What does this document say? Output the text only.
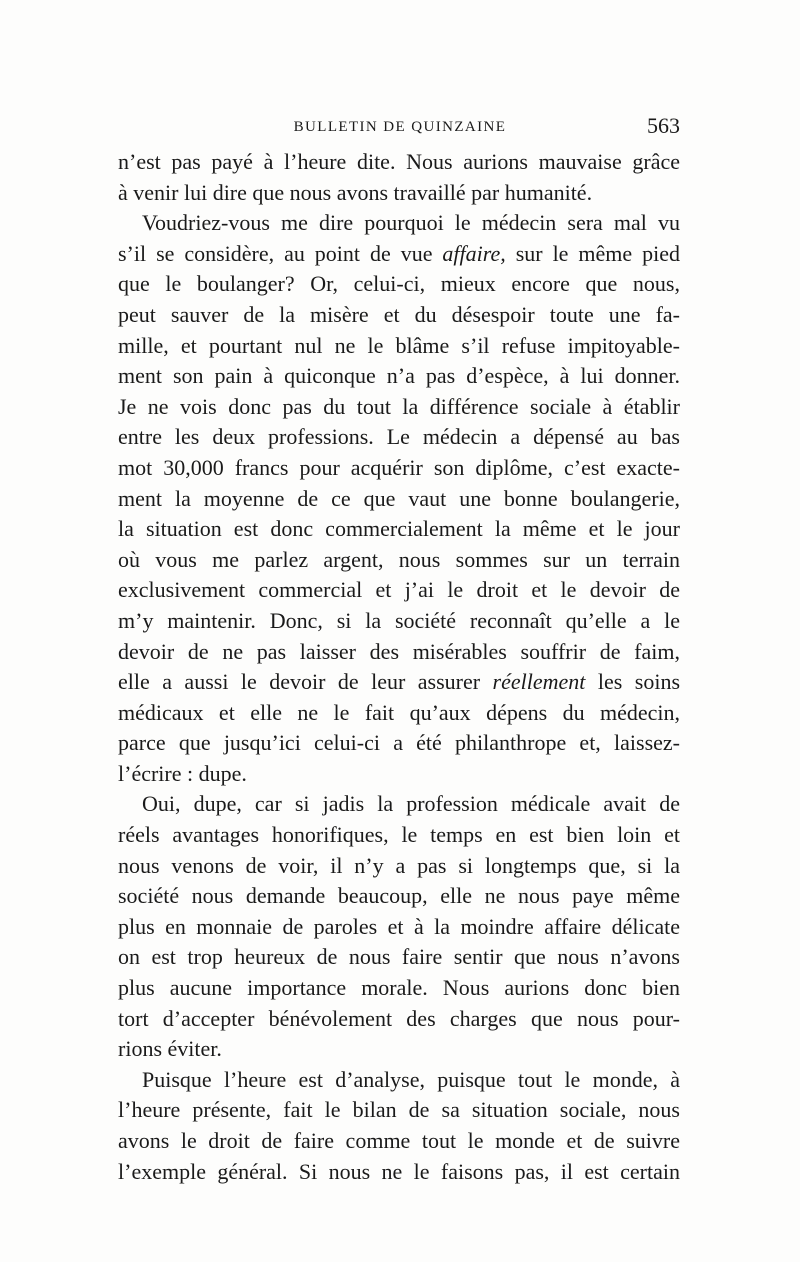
BULLETIN DE QUINZAINE	563
n’est pas payé à l’heure dite. Nous aurions mauvaise grâce
à venir lui dire que nous avons travaillé par humanité.
Voudriez-vous me dire pourquoi le médecin sera mal vu
s’il se considère, au point de vue affaire, sur le même pied
que le boulanger? Or, celui-ci, mieux encore que nous,
peut sauver de la misère et du désespoir toute une fa-
mille, et pourtant nul ne le blâme s’il refuse impitoyable-
ment son pain à quiconque n’a pas d’espèce, à lui donner.
Je ne vois donc pas du tout la différence sociale à établir
entre les deux professions. Le médecin a dépensé au bas
mot 30,000 francs pour acquérir son diplôme, c’est exacte-
ment la moyenne de ce que vaut une bonne boulangerie,
la situation est donc commercialement la même et le jour
où vous me parlez argent, nous sommes sur un terrain
exclusivement commercial et j’ai le droit et le devoir de
m’y maintenir. Donc, si la société reconnaît qu’elle a le
devoir de ne pas laisser des misérables souffrir de faim,
elle a aussi le devoir de leur assurer réellement les soins
médicaux et elle ne le fait qu’aux dépens du médecin,
parce que jusqu’ici celui-ci a été philanthrope et, laissez-
l’écrire : dupe.
Oui, dupe, car si jadis la profession médicale avait de
réels avantages honorifiques, le temps en est bien loin et
nous venons de voir, il n’y a pas si longtemps que, si la
société nous demande beaucoup, elle ne nous paye même
plus en monnaie de paroles et à la moindre affaire délicate
on est trop heureux de nous faire sentir que nous n’avons
plus aucune importance morale. Nous aurions donc bien
tort d’accepter bénévolement des charges que nous pour-
rions éviter.
Puisque l’heure est d’analyse, puisque tout le monde, à
l’heure présente, fait le bilan de sa situation sociale, nous
avons le droit de faire comme tout le monde et de suivre
l’exemple général. Si nous ne le faisons pas, il est certain
